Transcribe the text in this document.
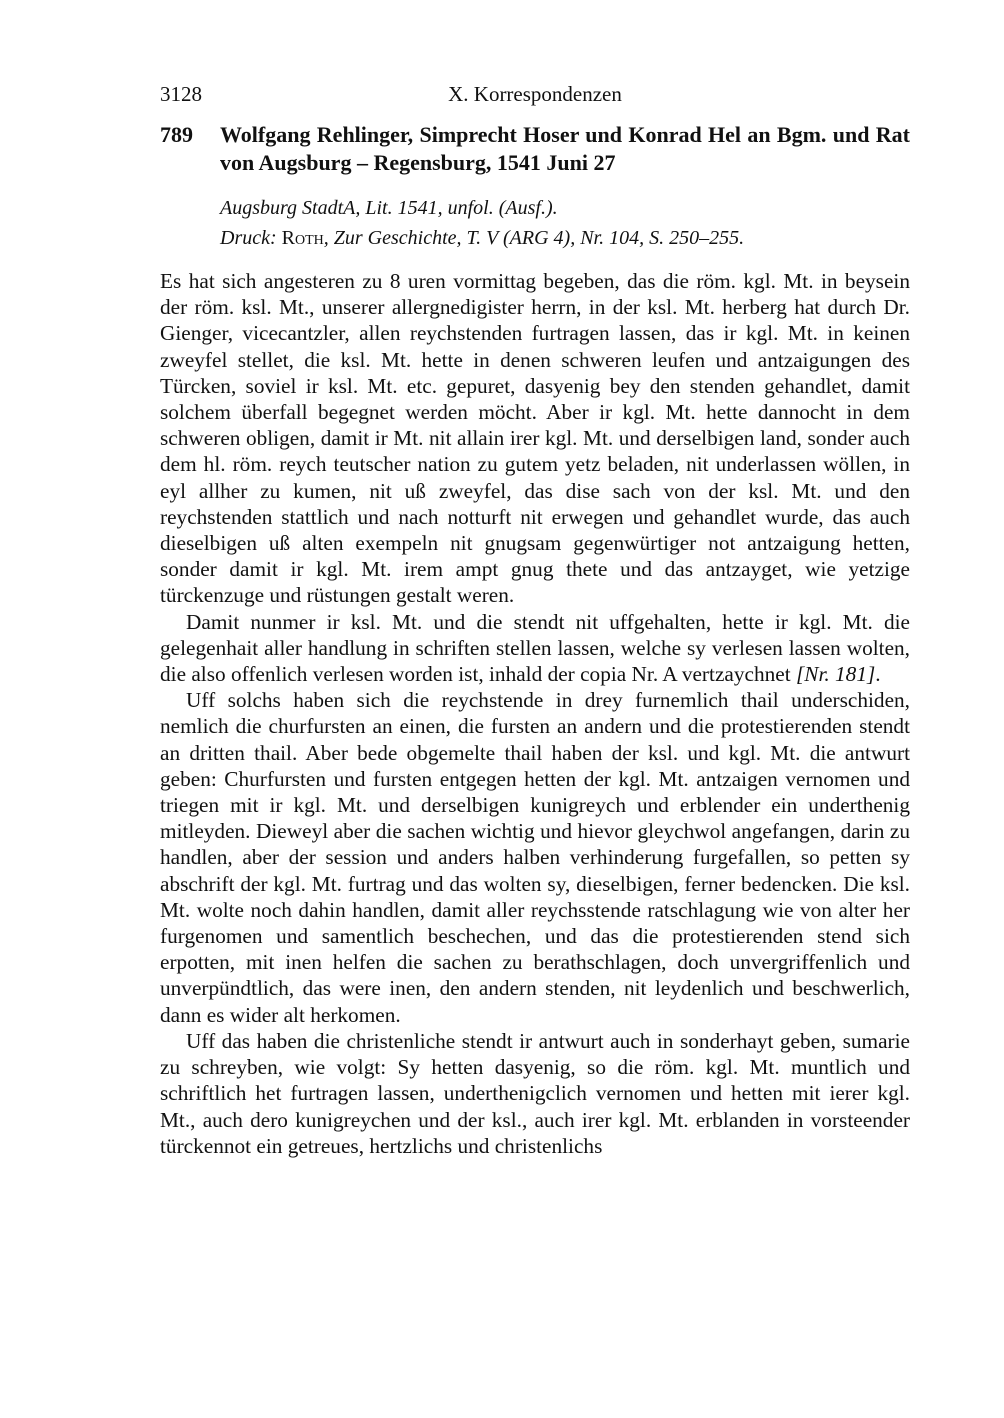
3128	X. Korrespondenzen
789 Wolfgang Rehlinger, Simprecht Hoser und Konrad Hel an Bgm. und Rat von Augsburg – Regensburg, 1541 Juni 27
Augsburg StadtA, Lit. 1541, unfol. (Ausf.).
Druck: Roth, Zur Geschichte, T. V (ARG 4), Nr. 104, S. 250–255.

Es hat sich angesteren zu 8 uren vormittag begeben, das die röm. kgl. Mt. in beysein der röm. ksl. Mt., unserer allergnedigister herrn, in der ksl. Mt. herberg hat durch Dr. Gienger, vicecantzler, allen reychstenden furtragen lassen, das ir kgl. Mt. in keinen zweyfel stellet, die ksl. Mt. hette in denen schweren leufen und antzaigungen des Türcken, soviel ir ksl. Mt. etc. gepuret, dasyenig bey den stenden gehandlet, damit solchem überfall begegnet werden möcht. Aber ir kgl. Mt. hette dannocht in dem schweren obligen, damit ir Mt. nit allain irer kgl. Mt. und derselbigen land, sonder auch dem hl. röm. reych teutscher nation zu gutem yetz beladen, nit underlassen wöllen, in eyl allher zu kumen, nit uß zweyfel, das dise sach von der ksl. Mt. und den reychstenden stattlich und nach notturft nit erwegen und gehandlet wurde, das auch dieselbigen uß alten exempeln nit gnugsam gegenwürtiger not antzaigung hetten, sonder damit ir kgl. Mt. irem ampt gnug thete und das antzayget, wie yetzige türckenzuge und rüstungen gestalt weren.

Damit nunmer ir ksl. Mt. und die stendt nit uffgehalten, hette ir kgl. Mt. die gelegenhait aller handlung in schriften stellen lassen, welche sy verlesen lassen wolten, die also offenlich verlesen worden ist, inhald der copia Nr. A vertzaychnet [Nr. 181].

Uff solchs haben sich die reychstende in drey furnemlich thail underschiden, nemlich die churfursten an einen, die fursten an andern und die protestierenden stendt an dritten thail. Aber bede obgemelte thail haben der ksl. und kgl. Mt. die antwurt geben: Churfursten und fursten entgegen hetten der kgl. Mt. antzaigen vernomen und triegen mit ir kgl. Mt. und derselbigen kunigreych und erblender ein underthenig mitleyden. Dieweyl aber die sachen wichtig und hievor gleychwol angefangen, darin zu handlen, aber der session und anders halben verhinderung furgefallen, so petten sy abschrift der kgl. Mt. furtrag und das wolten sy, dieselbigen, ferner bedencken. Die ksl. Mt. wolte noch dahin handlen, damit aller reychsstende ratschlagung wie von alter her furgenomen und samentlich beschechen, und das die protestierenden stend sich erpotten, mit inen helfen die sachen zu berathschlagen, doch unvergriffenlich und unverpündtlich, das were inen, den andern stenden, nit leydenlich und beschwerlich, dann es wider alt herkomen.

Uff das haben die christenliche stendt ir antwurt auch in sonderhayt geben, sumarie zu schreyben, wie volgt: Sy hetten dasyenig, so die röm. kgl. Mt. muntlich und schriftlich het furtragen lassen, underthenigclich vernomen und hetten mit ierer kgl. Mt., auch dero kunigreychen und der ksl., auch irer kgl. Mt. erblanden in vorsteender türckennot ein getreues, hertzlichs und christenlichs
